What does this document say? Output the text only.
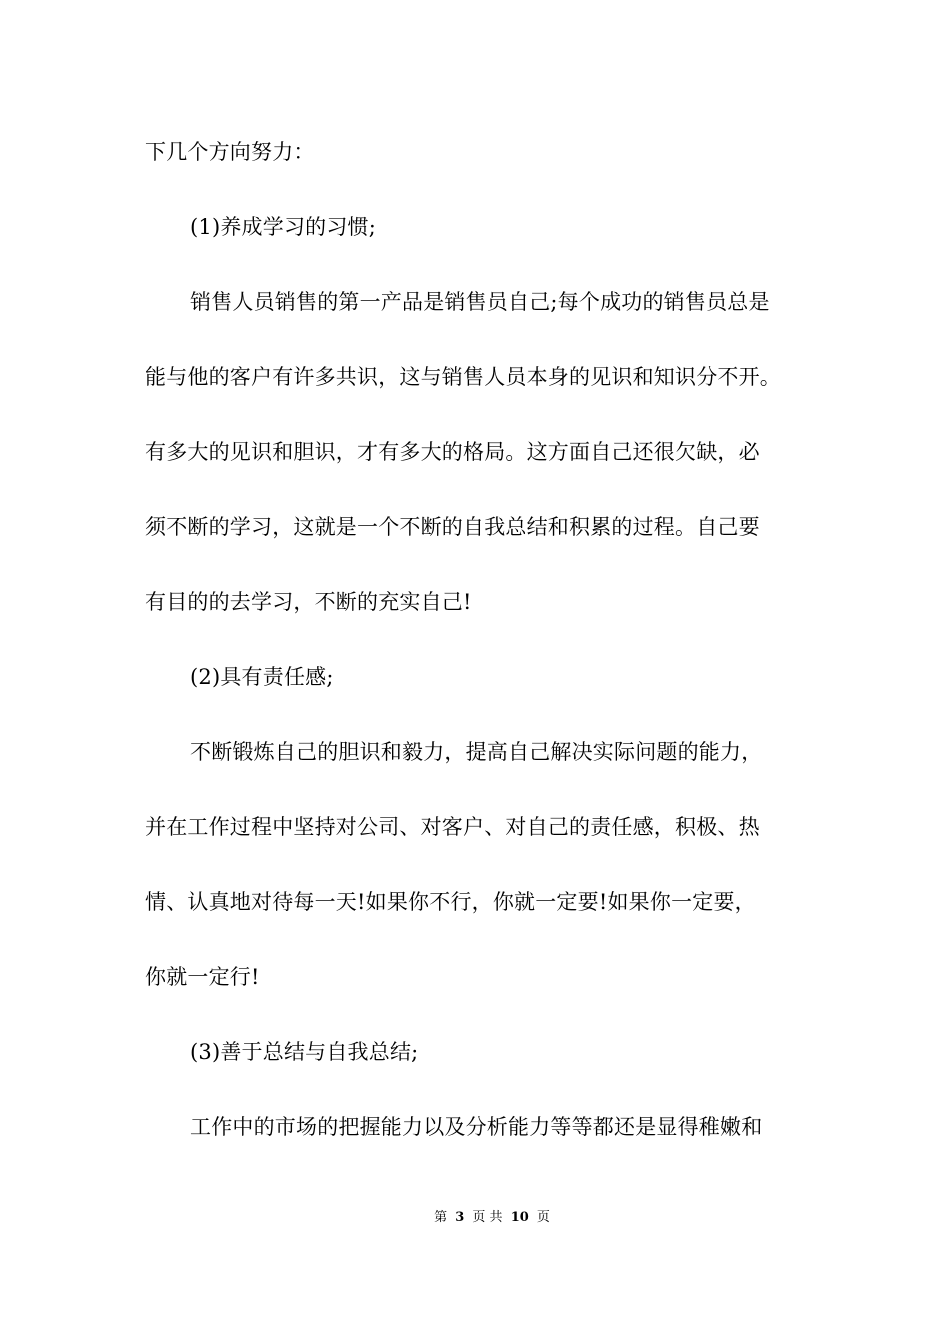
下几个方向努力：
(1)养成学习的习惯;
销售人员销售的第一产品是销售员自己;每个成功的销售员总是
能与他的客户有许多共识，这与销售人员本身的见识和知识分不开。
有多大的见识和胆识，才有多大的格局。这方面自己还很欠缺，必
须不断的学习，这就是一个不断的自我总结和积累的过程。自己要
有目的的去学习，不断的充实自己!
(2)具有责任感;
不断锻炼自己的胆识和毅力，提高自己解决实际问题的能力，
并在工作过程中坚持对公司、对客户、对自己的责任感，积极、热
情、认真地对待每一天!如果你不行，你就一定要!如果你一定要，
你就一定行!
(3)善于总结与自我总结;
工作中的市场的把握能力以及分析能力等等都还是显得稚嫩和
第 3 页 共 10 页
